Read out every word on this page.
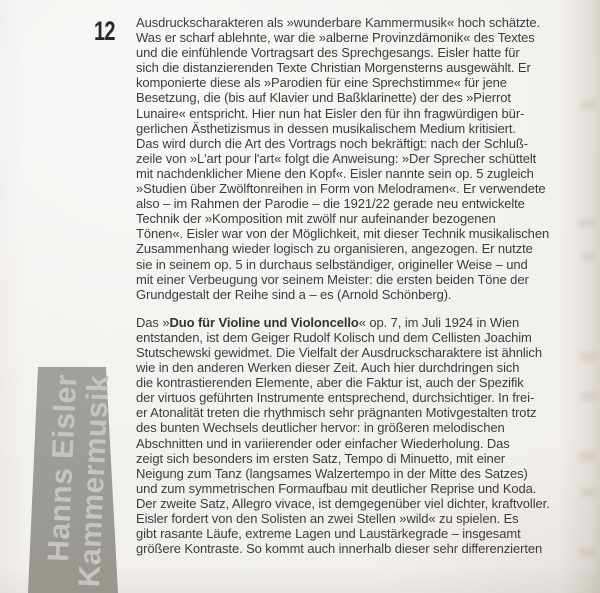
12
Hanns Eisler
Kammermusik
Ausdruckscharakteren als »wunderbare Kammermusik« hoch schätzte.
Was er scharf ablehnte, war die »alberne Provinzdämonik« des Textes
und die einfühlende Vortragsart des Sprechgesangs. Eisler hatte für
sich die distanzierenden Texte Christian Morgensterns ausgewählt. Er
komponierte diese als »Parodien für eine Sprechstimme« für jene
Besetzung, die (bis auf Klavier und Baßklarinette) der des »Pierrot
Lunaire« entspricht. Hier nun hat Eisler den für ihn fragwürdigen bür-
gerlichen Ästhetizismus in dessen musikalischem Medium kritisiert.
Das wird durch die Art des Vortrags noch bekräftigt: nach der Schluß-
zeile von »L'art pour l'art« folgt die Anweisung: »Der Sprecher schüttelt
mit nachdenklicher Miene den Kopf«. Eisler nannte sein op. 5 zugleich
»Studien über Zwölftonreihen in Form von Melodramen«. Er verwendete
also – im Rahmen der Parodie – die 1921/22 gerade neu entwickelte
Technik der »Komposition mit zwölf nur aufeinander bezogenen
Tönen«. Eisler war von der Möglichkeit, mit dieser Technik musikalischen
Zusammenhang wieder logisch zu organisieren, angezogen. Er nutzte
sie in seinem op. 5 in durchaus selbständiger, origineller Weise – und
mit einer Verbeugung vor seinem Meister: die ersten beiden Töne der
Grundgestalt der Reihe sind a – es (Arnold Schönberg).
Das »Duo für Violine und Violoncello« op. 7, im Juli 1924 in Wien
entstanden, ist dem Geiger Rudolf Kolisch und dem Cellisten Joachim
Stutschewski gewidmet. Die Vielfalt der Ausdruckscharaktere ist ähnlich
wie in den anderen Werken dieser Zeit. Auch hier durchdringen sich
die kontrastierenden Elemente, aber die Faktur ist, auch der Spezifik
der virtuos geführten Instrumente entsprechend, durchsichtiger. In frei-
er Atonalität treten die rhythmisch sehr prägnanten Motivgestalten trotz
des bunten Wechsels deutlicher hervor: in größeren melodischen
Abschnitten und in variierender oder einfacher Wiederholung. Das
zeigt sich besonders im ersten Satz, Tempo di Minuetto, mit einer
Neigung zum Tanz (langsames Walzertempo in der Mitte des Satzes)
und zum symmetrischen Formaufbau mit deutlicher Reprise und Koda.
Der zweite Satz, Allegro vivace, ist demgegenüber viel dichter, kraftvoller.
Eisler fordert von den Solisten an zwei Stellen »wild« zu spielen. Es
gibt rasante Läufe, extreme Lagen und Laustärkegrade – insgesamt
größere Kontraste. So kommt auch innerhalb dieser sehr differenzierten
